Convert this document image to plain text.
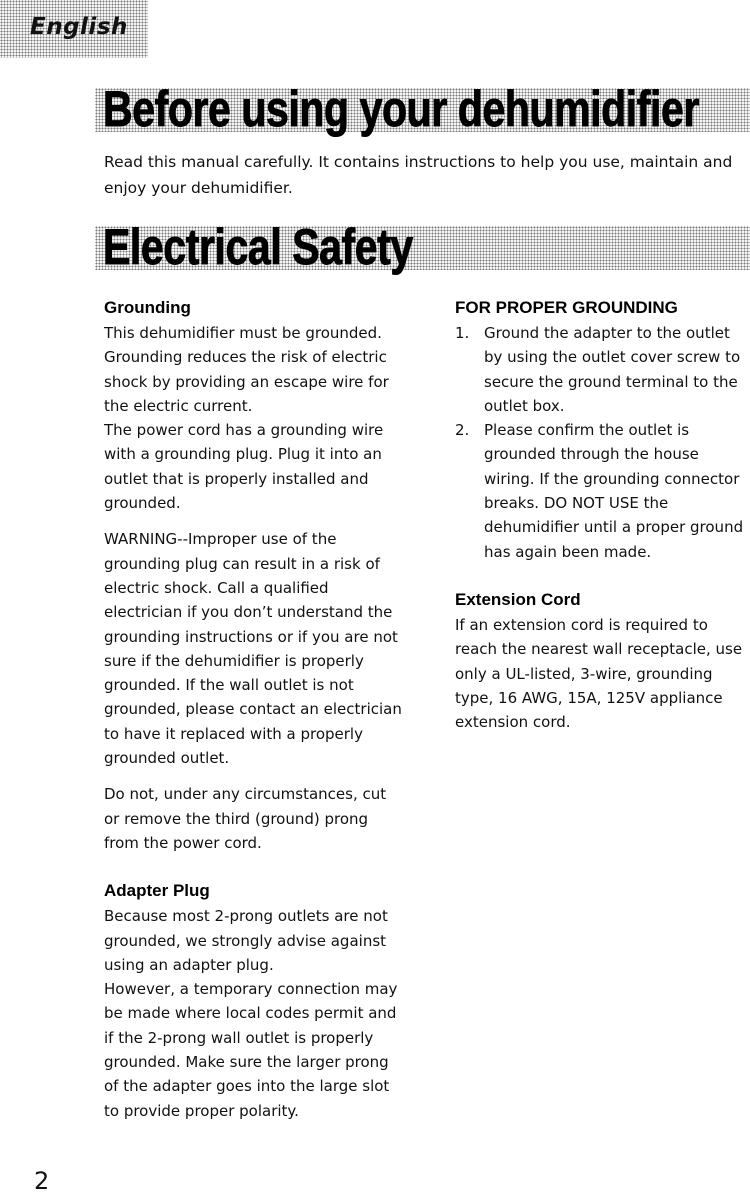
English
Before using your dehumidifier

Read this manual carefully. It contains instructions to help you use, maintain and enjoy your dehumidifier.

Electrical Safety
Grounding

This dehumidifier must be grounded. Grounding reduces the risk of electric shock by providing an escape wire for the electric current.

The power cord has a grounding wire with a grounding plug. Plug it into an outlet that is properly installed and grounded.

WARNING--Improper use of the grounding plug can result in a risk of electric shock. Call a qualified electrician if you don’t understand the grounding instructions or if you are not sure if the dehumidifier is properly grounded. If the wall outlet is not grounded, please contact an electrician to have it replaced with a properly grounded outlet.

Do not, under any circumstances, cut or remove the third (ground) prong from the power cord.

Adapter Plug

Because most 2-prong outlets are not grounded, we strongly advise against using an adapter plug.

However, a temporary connection may be made where local codes permit and if the 2-prong wall outlet is properly grounded. Make sure the larger prong of the adapter goes into the large slot to provide proper polarity.

FOR PROPER GROUNDING
1. Ground the adapter to the outlet by using the outlet cover screw to secure the ground terminal to the outlet box.
2. Please confirm the outlet is grounded through the house wiring. If the grounding connector breaks. DO NOT USE the dehumidifier until a proper ground has again been made.
Extension Cord

If an extension cord is required to reach the nearest wall receptacle, use only a UL-listed, 3-wire, grounding type, 16 AWG, 15A, 125V appliance extension cord.

2
